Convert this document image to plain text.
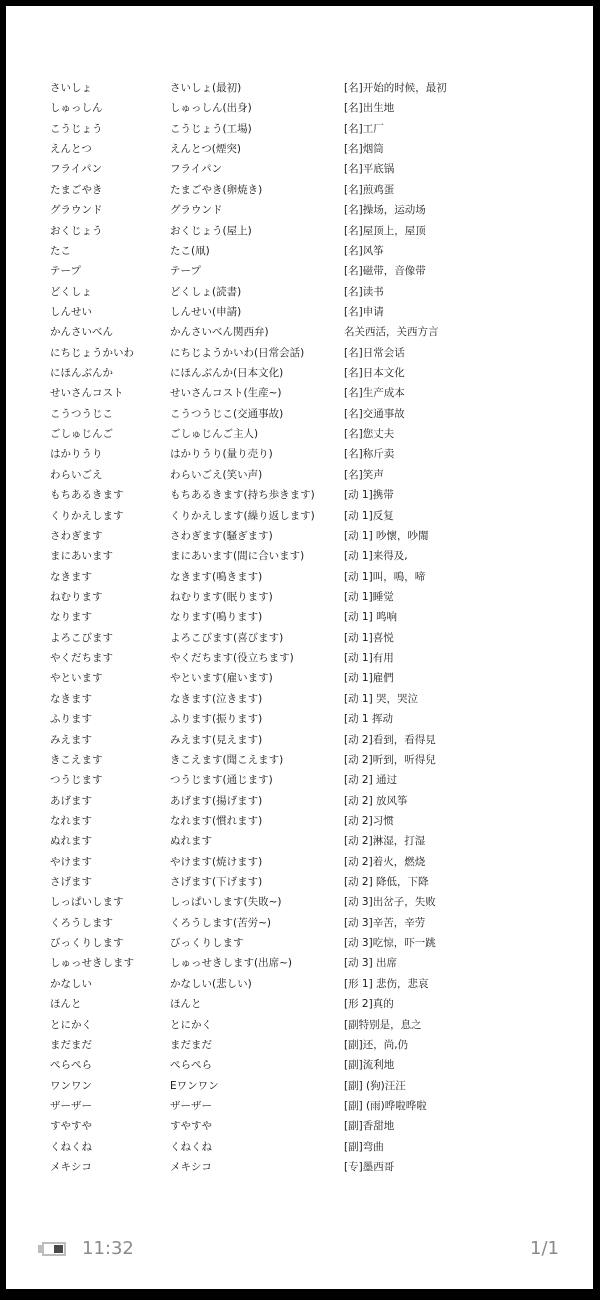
さいしょ	さいしょ(最初)	[名]开始的时候，最初
しゅっしん	しゅっしん(出身)	[名]出生地
こうじょう	こうじょう(工場)	[名]工厂
えんとつ	えんとつ(煙突)	[名]烟筒
フライパン	フライパン	[名]平底锅
たまごやき	たまごやき(卵焼き)	[名]煎鸡蛋
グラウンド	グラウンド	[名]操场，运动场
おくじょう	おくじょう(屋上)	[名]屋顶上，屋顶
たこ	たこ(凧)	[名]风筝
テープ	テープ	[名]磁带，音像带
どくしょ	どくしょ(読書)	[名]读书
しんせい	しんせい(申請)	[名]申请
かんさいべん	かんさいべん関西弁)	名关西活，关西方言
にちじょうかいわ	にちじようかいわ(日常会話)	[名]日常会话
にほんぶんか	にほんぶんか(日本文化)	[名]日本文化
せいさんコスト	せいさんコスト(生産~)	[名]生产成本
こうつうじこ	こうつうじこ(交通事故)	[名]交通事故
ごしゅじんご	ごしゅじんご主人)	[名]您丈夫
はかりうり	はかりうり(量り売り)	[名]称斤卖
わらいごえ	わらいごえ(笑い声)	[名]笑声
もちあるきます	もちあるきます(持ち歩きます)	[动 1]携带
くりかえします	くりかえします(繰り返します)	[动 1]反复
さわぎます	さわぎます(騒ぎます)	[动 1] 吵懷，吵閙
まにあいます	まにあいます(間に合います)	[动 1]来得及,
なきます	なきます(鳴きます)	[动 1]叫，鳴，啼
ねむります	ねむります(眠ります)	[动 1]睡觉
なります	なります(鳴ります)	[动 1] 鸣响
よろこびます	よろこびます(喜びます)	[动 1]喜悦
やくだちます	やくだちます(役立ちます)	[动 1]有用
やといます	やといます(雇います)	[动 1]雇們
なきます	なきます(泣きます)	[动 1] 哭，哭泣
ふります	ふります(振ります)	[动 1 挥动
みえます	みえます(見えます)	[动 2]看到，看得見
きこえます	きこえます(聞こえます)	[动 2]听到，听得兒
つうじます	つうじます(通じます)	[动 2] 通过
あげます	あげます(揚げます)	[动 2] 放风筝
なれます	なれます(慣れます)	[动 2]习惯
ぬれます	ぬれます	[动 2]淋湿，打湿
やけます	やけます(焼けます)	[动 2]着火，燃烧
さげます	さげます(下げます)	[动 2] 降低，下降
しっぱいします	しっぱいします(失敗~)	[动 3]出岔子，失败
くろうします	くろうします(苦労~)	[动 3]辛苦，辛劳
びっくりします	びっくりします	[动 3]吃惊，吓一跳
しゅっせきします	しゅっせきします(出席~)	[动 3] 出席
かなしい	かなしい(悲しい)	[形 1] 悲伤，悲哀
ほんと	ほんと	[形 2]真的
とにかく	とにかく	[副特别是，息之
まだまだ	まだまだ	[副]还，尚,仍
ぺらぺら	ぺらぺら	[副]流利地
ワンワン	Eワンワン	[副] (狗)汪汪
ザーザー	ザーザー	[副] (雨)哗啦哗啦
すやすや	すやすや	[副]香甜地
くねくね	くねくね	[副]弯曲
メキシコ	メキシコ	[专]墨西哥
11:32	1/1
